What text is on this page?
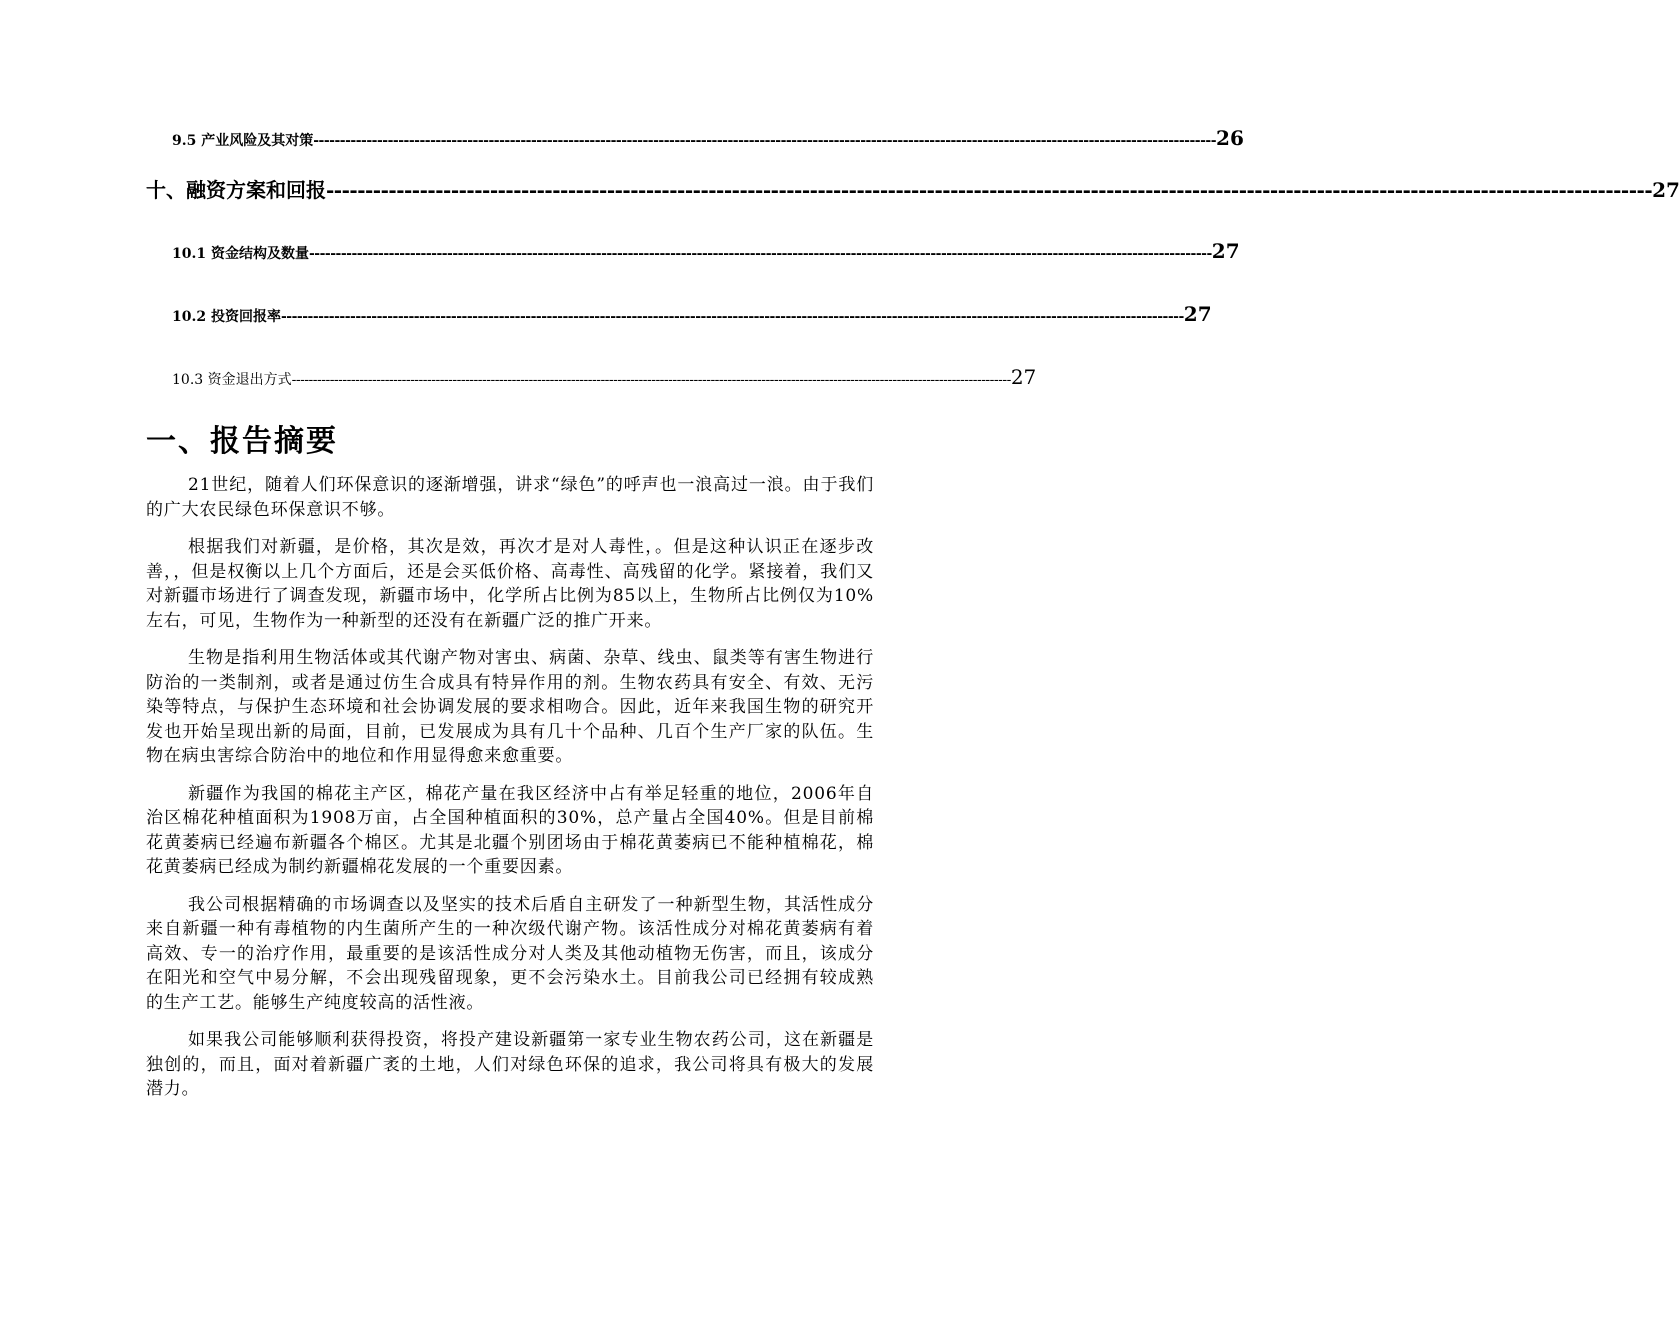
9.5 产业风险及其对策 -------------------------------------------------------------------------------------------------------------------------------------------------------------------------- 26
十、融资方案和回报 -------------------------------------------------------------------------------------------------------------------------------------------------------------------------- 27
10.1 资金结构及数量 -------------------------------------------------------------------------------------------------------------------------------------------------------------------------- 27
10.2 投资回报率 -------------------------------------------------------------------------------------------------------------------------------------------------------------------------- 27
10.3 资金退出方式 -------------------------------------------------------------------------------------------------------------------------------------------------------------------------- 27
一、报告摘要

21世纪，随着人们环保意识的逐渐增强，讲求“绿色”的呼声也一浪高过一浪。由于我们的广大农民绿色环保意识不够。

根据我们对新疆，是价格，其次是效，再次才是对人毒性，。但是这种认识正在逐步改善，，但是权衡以上几个方面后，还是会买低价格、高毒性、高残留的化学。紧接着，我们又对新疆市场进行了调查发现，新疆市场中，化学所占比例为85以上，生物所占比例仅为10%左右，可见，生物作为一种新型的还没有在新疆广泛的推广开来。

生物是指利用生物活体或其代谢产物对害虫、病菌、杂草、线虫、鼠类等有害生物进行防治的一类制剂，或者是通过仿生合成具有特异作用的剂。生物农药具有安全、有效、无污染等特点，与保护生态环境和社会协调发展的要求相吻合。因此，近年来我国生物的研究开发也开始呈现出新的局面，目前，已发展成为具有几十个品种、几百个生产厂家的队伍。生物在病虫害综合防治中的地位和作用显得愈来愈重要。

新疆作为我国的棉花主产区，棉花产量在我区经济中占有举足轻重的地位，2006年自治区棉花种植面积为1908万亩，占全国种植面积的30%，总产量占全国40%。但是目前棉花黄萎病已经遍布新疆各个棉区。尤其是北疆个别团场由于棉花黄萎病已不能种植棉花，棉花黄萎病已经成为制约新疆棉花发展的一个重要因素。

我公司根据精确的市场调查以及坚实的技术后盾自主研发了一种新型生物，其活性成分来自新疆一种有毒植物的内生菌所产生的一种次级代谢产物。该活性成分对棉花黄萎病有着高效、专一的治疗作用，最重要的是该活性成分对人类及其他动植物无伤害，而且，该成分在阳光和空气中易分解，不会出现残留现象，更不会污染水土。目前我公司已经拥有较成熟的生产工艺。能够生产纯度较高的活性液。

如果我公司能够顺利获得投资，将投产建设新疆第一家专业生物农药公司，这在新疆是独创的，而且，面对着新疆广袤的土地，人们对绿色环保的追求，我公司将具有极大的发展潜力。
